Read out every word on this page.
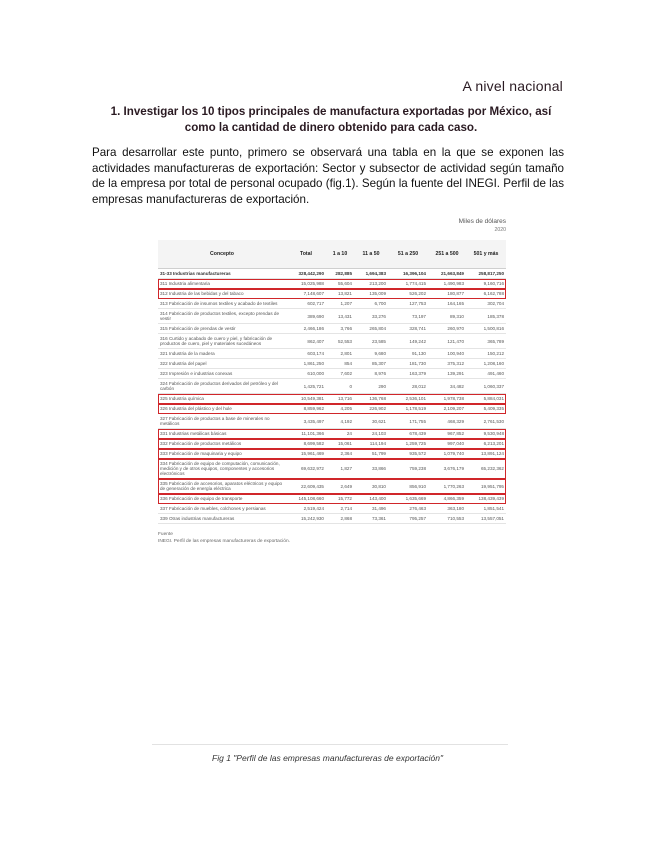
A nivel nacional
1. Investigar los 10 tipos principales de manufactura exportadas por México, así como la cantidad de dinero obtenido para cada caso.
Para desarrollar este punto, primero se observará una tabla en la que se exponen las actividades manufactureras de exportación: Sector y subsector de actividad según tamaño de la empresa por total de personal ocupado (fig.1). Según la fuente del INEGI. Perfil de las empresas manufactureras de exportación.
Miles de dólares
2020
Concepto	Total	1 a 10	11 a 50	51 a 250	251 a 500	501 y más
31-33 Industrias manufactureras	328,442,290	282,885	1,694,383	16,396,104	21,663,849	258,817,250
311 Industria alimentaria	15,025,988	55,604	213,200	1,774,415	1,490,983	9,160,716
312 Industria de las bebidas y del tabaco	7,148,607	13,821	135,009	526,202	180,877	6,162,788
313 Fabricación de insumos textiles y acabado de textiles	602,717	1,207	6,700	127,753	164,165	302,704
314 Fabricación de productos textiles, excepto prendas de vestir	389,690	13,431	33,276	73,197	89,310	185,378
315 Fabricación de prendas de vestir	2,466,186	3,766	265,804	328,741	260,970	1,500,816
316 Curtido y acabado de cuero y piel, y fabricación de productos de cuero, piel y materiales sucedáneos	862,407	52,553	23,585	149,242	121,470	365,789
321 Industria de la madera	603,174	2,801	9,680	91,130	100,940	150,212
322 Industria del papel	1,861,250	854	85,307	181,730	375,312	1,208,160
323 Impresión e industrias conexas	610,000	7,602	8,976	163,379	139,291	491,460
324 Fabricación de productos derivados del petróleo y del carbón	1,425,721	0	290	28,012	34,482	1,060,337
325 Industria química	10,549,381	13,716	136,768	2,536,101	1,978,738	5,884,031
326 Industria del plástico y del hule	8,859,962	4,205	226,902	1,178,519	2,109,207	5,409,335
327 Fabricación de productos a base de minerales no metálicos	3,435,497	4,192	30,621	171,755	468,329	2,761,530
331 Industrias metálicas básicas	11,101,366	24	24,103	678,439	967,852	9,530,948
332 Fabricación de productos metálicos	8,699,582	15,061	114,194	1,259,725	997,040	6,213,201
333 Fabricación de maquinaria y equipo	15,961,469	2,364	51,799	935,572	1,079,740	13,891,124
334 Fabricación de equipo de computación, comunicación, medición y de otros equipos, componentes y accesorios electrónicos	69,632,972	1,827	33,866	759,238	3,676,179	65,232,362
335 Fabricación de accesorios, aparatos eléctricos y equipo de generación de energía eléctrica	22,609,435	2,649	30,810	856,910	1,770,263	19,951,795
336 Fabricación de equipo de transporte	145,108,660	15,772	143,400	1,635,669	4,866,359	138,439,439
337 Fabricación de muebles, colchones y persianas	2,519,424	2,714	31,496	276,463	363,180	1,851,541
339 Otras industrias manufactureras	15,242,930	2,868	73,361	795,257	710,553	13,557,051
Fuente
INEGI. Perfil de las empresas manufactureras de exportación.
Fig 1 "Perfil de las empresas manufactureras de exportación"
